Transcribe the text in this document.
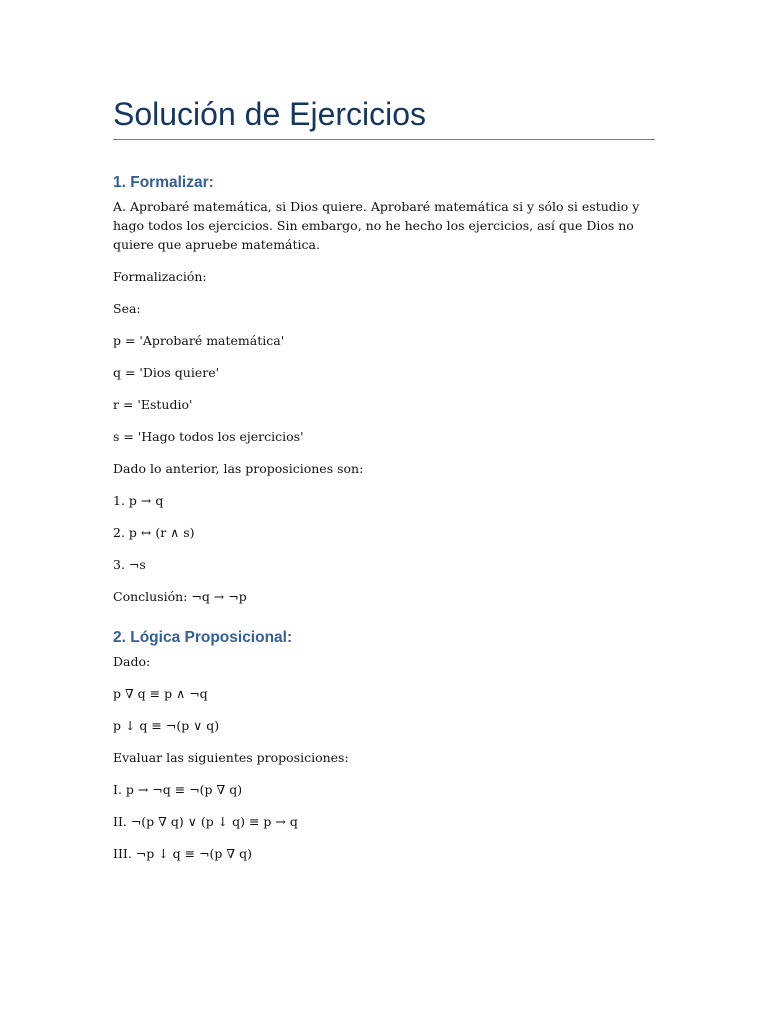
Solución de Ejercicios
1. Formalizar:

A. Aprobaré matemática, si Dios quiere. Aprobaré matemática si y sólo si estudio y hago todos los ejercicios. Sin embargo, no he hecho los ejercicios, así que Dios no quiere que apruebe matemática.

Formalización:

Sea:

p = 'Aprobaré matemática'

q = 'Dios quiere'

r = 'Estudio'

s = 'Hago todos los ejercicios'

Dado lo anterior, las proposiciones son:

1. p → q

2. p ↔ (r ∧ s)

3. ¬s

Conclusión: ¬q → ¬p

2. Lógica Proposicional:

Dado:

p ∇ q ≡ p ∧ ¬q

p ↓ q ≡ ¬(p ∨ q)

Evaluar las siguientes proposiciones:

I. p → ¬q ≡ ¬(p ∇ q)

II. ¬(p ∇ q) ∨ (p ↓ q) ≡ p → q

III. ¬p ↓ q ≡ ¬(p ∇ q)
